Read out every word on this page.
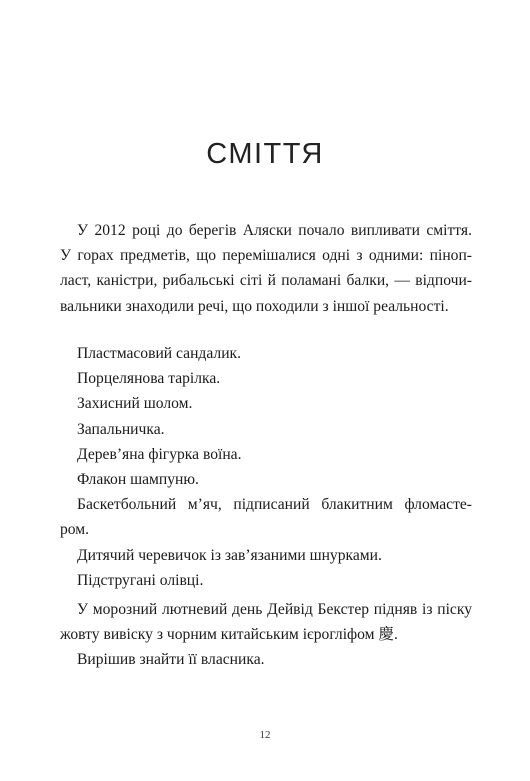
СМІТТЯ

У 2012 році до берегів Аляски почало випливати сміття.

У горах предметів, що перемішалися одні з одними: піноп-

ласт, каністри, рибальські сіті й поламані балки, — відпочи-

вальники знаходили речі, що походили з іншої реальності.

Пластмасовий сандалик.

Порцелянова тарілка.

Захисний шолом.

Запальничка.

Дерев’яна фігурка воїна.

Флакон шампуню.

Баскетбольний м’яч, підписаний блакитним фломасте-

ром.

Дитячий черевичок із зав’язаними шнурками.

Підстругані олівці.

У морозний лютневий день Дейвід Бекстер підняв із піску

жовту вивіску з чорним китайським ієрогліфом 慶.

Вирішив знайти її власника.

12
